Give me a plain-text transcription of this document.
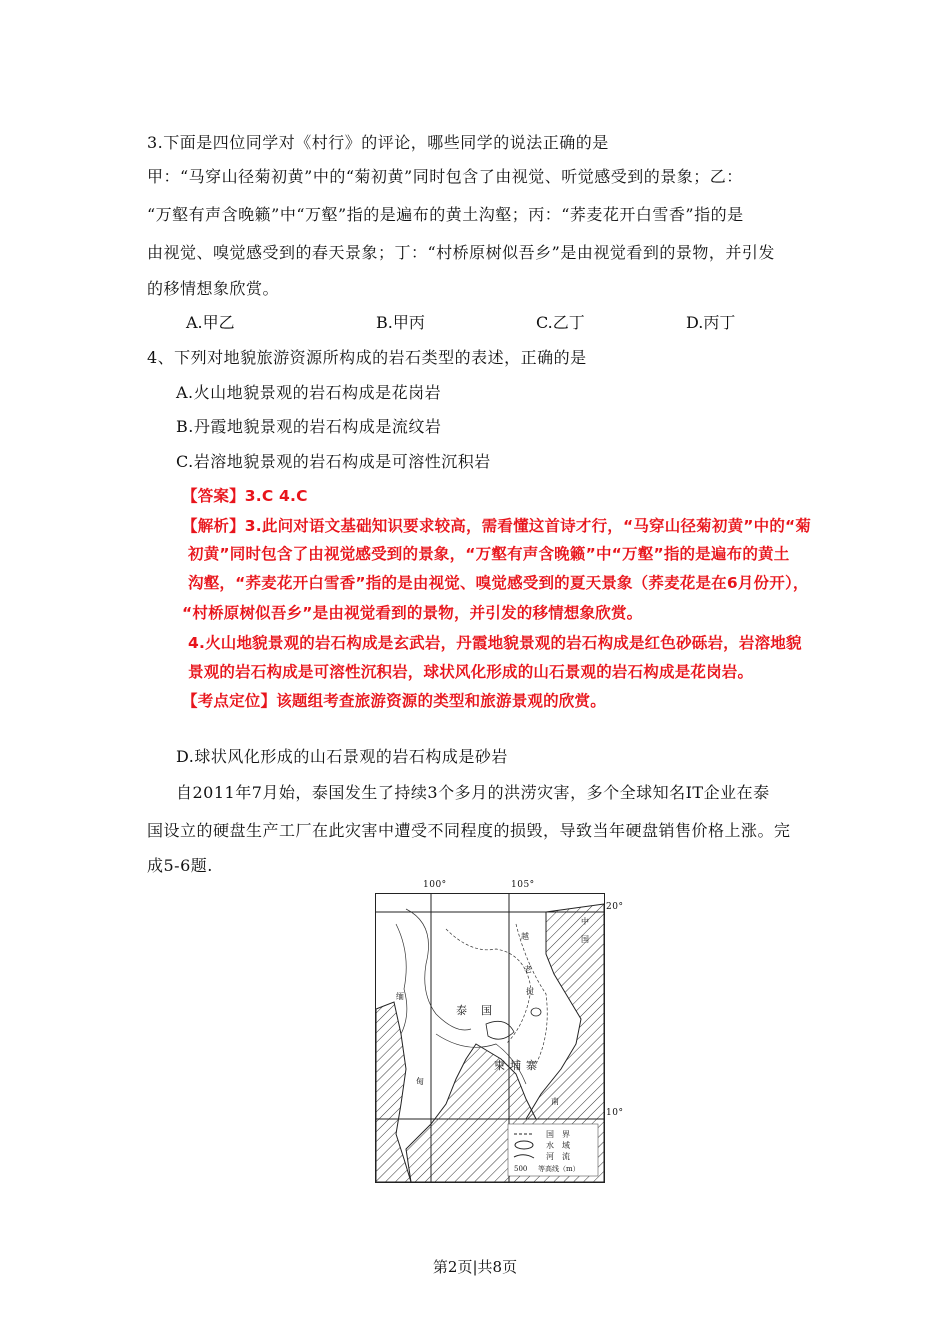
3.下面是四位同学对《村行》的评论，哪些同学的说法正确的是
甲：“马穿山径菊初黄”中的“菊初黄”同时包含了由视觉、听觉感受到的景象；乙：
“万壑有声含晚籁”中“万壑”指的是遍布的黄土沟壑；丙：“荞麦花开白雪香”指的是
由视觉、嗅觉感受到的春天景象；丁：“村桥原树似吾乡”是由视觉看到的景物，并引发
的移情想象欣赏。
A.甲乙	B.甲丙	C.乙丁	D.丙丁
4、下列对地貌旅游资源所构成的岩石类型的表述，正确的是
A.火山地貌景观的岩石构成是花岗岩
B.丹霞地貌景观的岩石构成是流纹岩
C.岩溶地貌景观的岩石构成是可溶性沉积岩
【答案】3.C 4.C
【解析】3.此问对语文基础知识要求较高，需看懂这首诗才行，“马穿山径菊初黄”中的“菊
初黄”同时包含了由视觉感受到的景象，“万壑有声含晚籁”中“万壑”指的是遍布的黄土
沟壑，“荞麦花开白雪香”指的是由视觉、嗅觉感受到的夏天景象（荞麦花是在6月份开），
“村桥原树似吾乡”是由视觉看到的景物，并引发的移情想象欣赏。
4.火山地貌景观的岩石构成是玄武岩，丹霞地貌景观的岩石构成是红色砂砾岩，岩溶地貌
景观的岩石构成是可溶性沉积岩，球状风化形成的山石景观的岩石构成是花岗岩。
【考点定位】该题组考查旅游资源的类型和旅游景观的欣赏。
D.球状风化形成的山石景观的岩石构成是砂岩
自2011年7月始，泰国发生了持续3个多月的洪涝灾害，多个全球知名IT企业在泰
国设立的硬盘生产工厂在此灾害中遭受不同程度的损毁，导致当年硬盘销售价格上涨。完
成5-6题.
泰 国
柬 埔 寨
缅
甸
中
国
越
老
挝
南
国　界
水　域
河　流
500 等高线（m）
100°	105°
20°
10°
第2页|共8页
